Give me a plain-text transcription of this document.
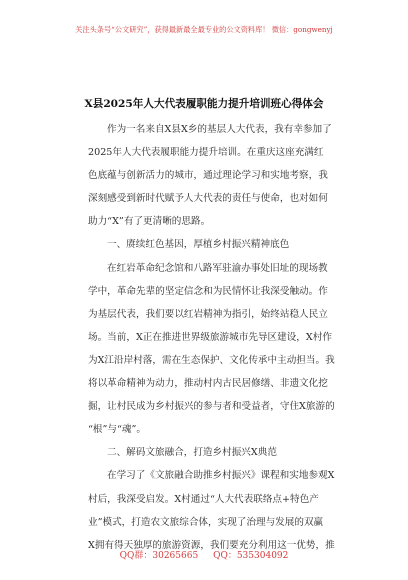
关注头条号“公文研究”，获得最新最全最专业的公文资料库！ 微信：gongwenyj
X县2025年人大代表履职能力提升培训班心得体会
作为一名来自X县X乡的基层人大代表，我有幸参加了
2025年人大代表履职能力提升培训。在重庆这座充满红
色底蕴与创新活力的城市，通过理论学习和实地考察，我
深刻感受到新时代赋予人大代表的责任与使命，也对如何
助力“X”有了更清晰的思路。
一、赓续红色基因，厚植乡村振兴精神底色
在红岩革命纪念馆和八路军驻渝办事处旧址的现场教
学中，革命先辈的坚定信念和为民情怀让我深受触动。作
为基层代表，我们要以红岩精神为指引，始终站稳人民立
场。当前，X正在推进世界级旅游城市先导区建设，X村作
为X江沿岸村落，需在生态保护、文化传承中主动担当。我
将以革命精神为动力，推动村内古民居修缮、非遗文化挖
掘，让村民成为乡村振兴的参与者和受益者，守住X旅游的
“根”与“魂”。
二、解码文旅融合，打造乡村振兴X典范
在学习了《文旅融合助推乡村振兴》课程和实地参观X
村后，我深受启发。X村通过“人大代表联络点+特色产
业”模式，打造农文旅综合体，实现了治理与发展的双赢
X拥有得天独厚的旅游资源，我们要充分利用这一优势，推
QQ群：30265665 QQ：535304092
